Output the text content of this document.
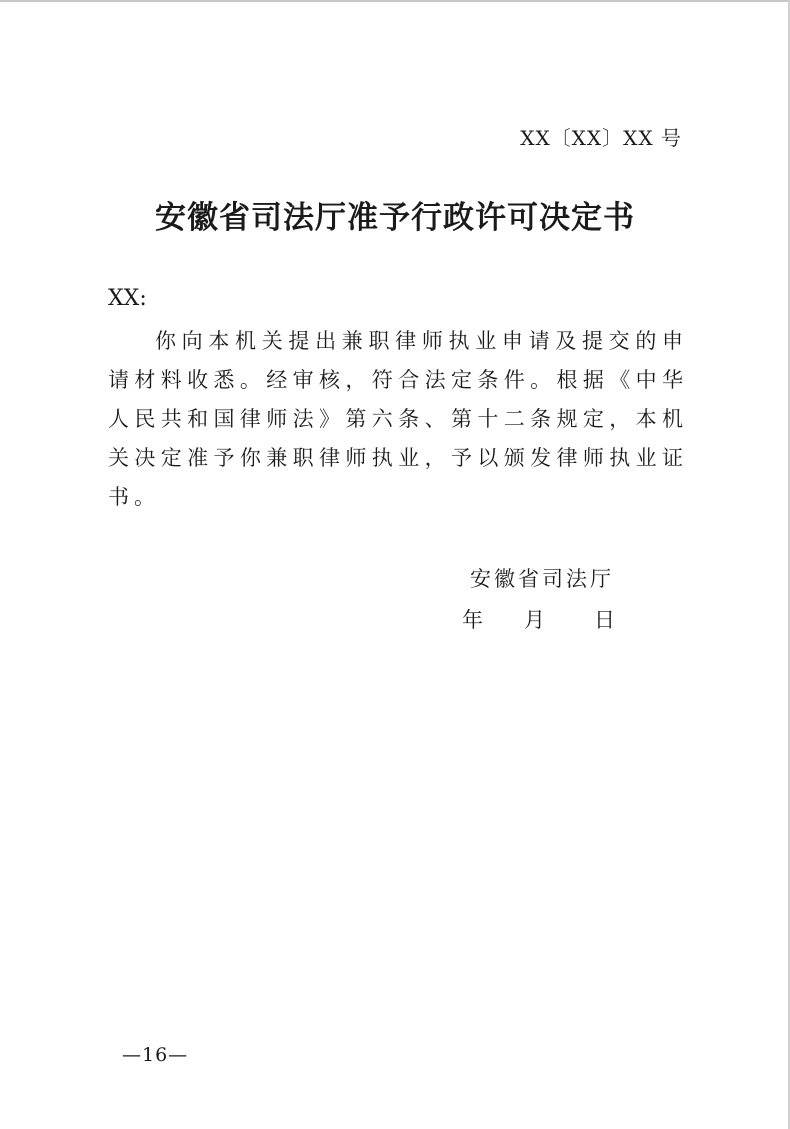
XX〔XX〕XX 号
安徽省司法厅准予行政许可决定书
XX:
你向本机关提出兼职律师执业申请及提交的申请材料收悉。经审核，符合法定条件。根据《中华人民共和国律师法》第六条、第十二条规定，本机关决定准予你兼职律师执业，予以颁发律师执业证书。
安徽省司法厅
年	月	日
—16—
